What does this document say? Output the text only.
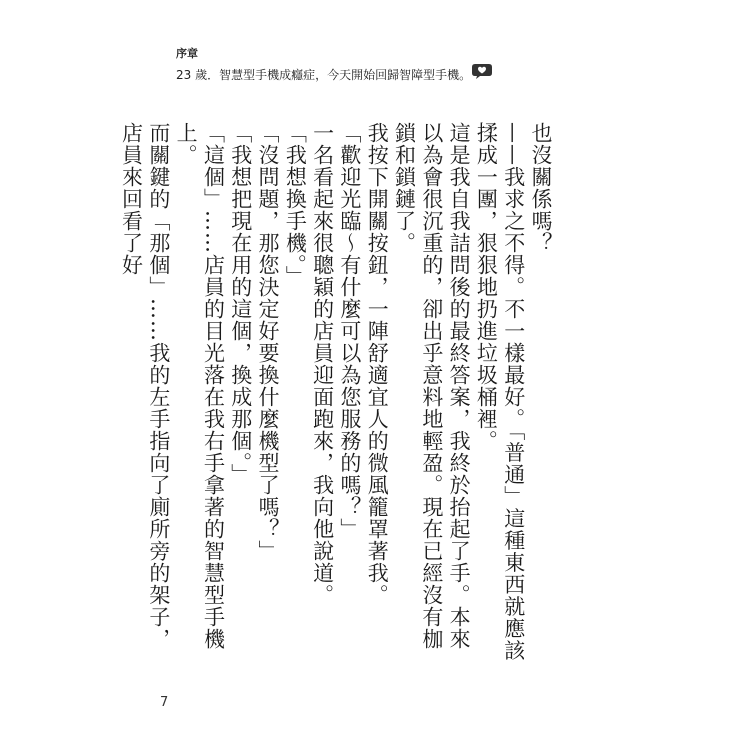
序章
23 歲．智慧型手機成癮症，今天開始回歸智障型手機。

也沒關係嗎？

——我求之不得。不一樣最好。「普通」這種東西就應該揉成一團，狠狠地扔進垃圾桶裡。

這是我自我詰問後的最終答案，我終於抬起了手。本來以為會很沉重的，卻出乎意料地輕盈。現在已經沒有枷鎖和鎖鏈了。

我按下開關按鈕，一陣舒適宜人的微風籠罩著我。

「歡迎光臨～有什麼可以為您服務的嗎？」

一名看起來很聰穎的店員迎面跑來，我向他說道。

「我想換手機。」

「沒問題，那您決定好要換什麼機型了嗎？」

「我想把現在用的這個，換成那個。」

「這個」……店員的目光落在我右手拿著的智慧型手機上。

而關鍵的「那個」……我的左手指向了廁所旁的架子，店員來回看了好

7
